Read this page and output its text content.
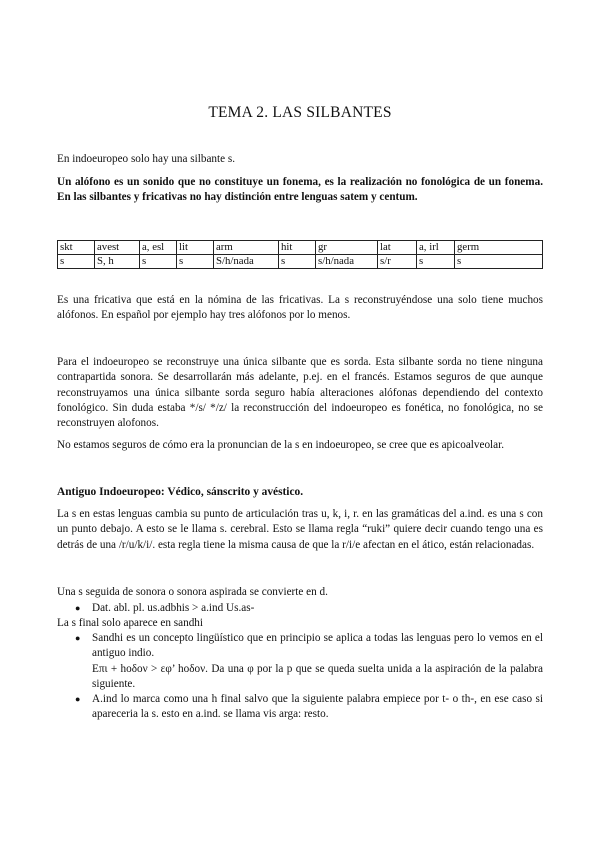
TEMA 2. LAS SILBANTES

En indoeuropeo solo hay una silbante s.

Un alófono es un sonido que no constituye un fonema, es la realización no fonológica de un fonema. En las silbantes y fricativas no hay distinción entre lenguas satem y centum.

skt	avest	a, esl	lit	arm	hit	gr	lat	a, irl	germ
s	S, h	s	s	S/h/nada	s	s/h/nada	s/r	s	s

Es una fricativa que está en la nómina de las fricativas. La s reconstruyéndose una solo tiene muchos alófonos. En español por ejemplo hay tres alófonos por lo menos.

Para el indoeuropeo se reconstruye una única silbante que es sorda. Esta silbante sorda no tiene ninguna contrapartida sonora. Se desarrollarán más adelante, p.ej. en el francés. Estamos seguros de que aunque reconstruyamos una única silbante sorda seguro había alteraciones alófonas dependiendo del contexto fonológico. Sin duda estaba */s/ */z/ la reconstrucción del indoeuropeo es fonética, no fonológica, no se reconstruyen alofonos.

No estamos seguros de cómo era la pronuncian de la s en indoeuropeo, se cree que es apicoalveolar.

Antiguo Indoeuropeo: Védico, sánscrito y avéstico.

La s en estas lenguas cambia su punto de articulación tras u, k, i, r. en las gramáticas del a.ind. es una s con un punto debajo. A esto se le llama s. cerebral. Esto se llama regla “ruki” quiere decir cuando tengo una es detrás de una /r/u/k/i/. esta regla tiene la misma causa de que la r/i/e afectan en el ático, están relacionadas.

Una s seguida de sonora o sonora aspirada se convierte en d.

● Dat. abl. pl. us.adbhis > a.ind Us.as-

La s final solo aparece en sandhi

● Sandhi es un concepto lingüístico que en principio se aplica a todas las lenguas pero lo vemos en el antiguo indio.
Επι + hoδον > εφ’ hoδον. Da una φ por la p que se queda suelta unida a la aspiración de la palabra siguiente.
● A.ind lo marca como una h final salvo que la siguiente palabra empiece por t- o th-, en ese caso si apareceria la s. esto en a.ind. se llama vis arga: resto.
